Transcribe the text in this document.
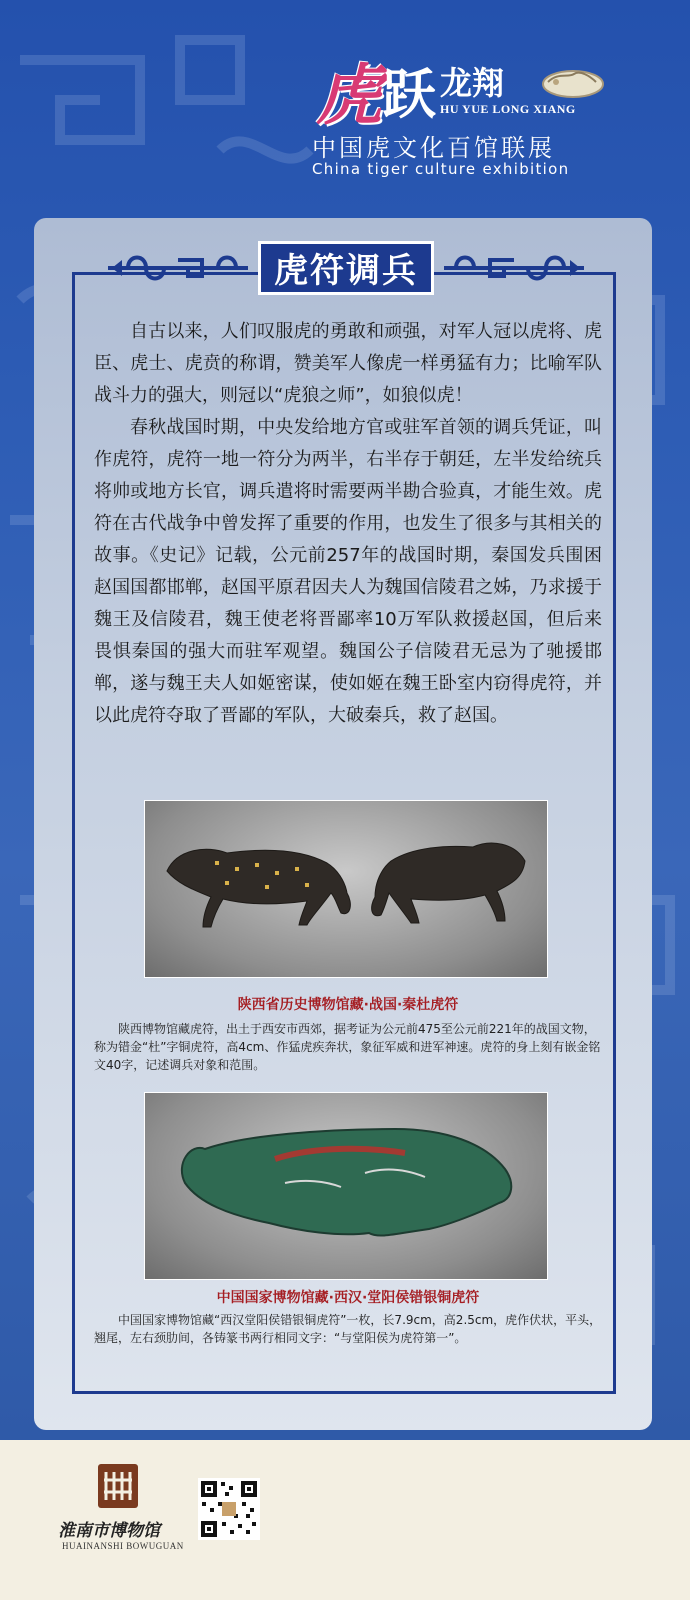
虎 跃 龙翔
HU YUE LONG XIANG
中国虎文化百馆联展
China tiger culture exhibition
虎符调兵

自古以来，人们叹服虎的勇敢和顽强，对军人冠以虎将、虎臣、虎士、虎贲的称谓，赞美军人像虎一样勇猛有力；比喻军队战斗力的强大，则冠以“虎狼之师”，如狼似虎！

春秋战国时期，中央发给地方官或驻军首领的调兵凭证，叫作虎符，虎符一地一符分为两半，右半存于朝廷，左半发给统兵将帅或地方长官，调兵遣将时需要两半勘合验真，才能生效。虎符在古代战争中曾发挥了重要的作用，也发生了很多与其相关的故事。《史记》记载，公元前257年的战国时期，秦国发兵围困赵国国都邯郸，赵国平原君因夫人为魏国信陵君之姊，乃求援于魏王及信陵君，魏王使老将晋鄙率10万军队救援赵国，但后来畏惧秦国的强大而驻军观望。魏国公子信陵君无忌为了驰援邯郸，遂与魏王夫人如姬密谋，使如姬在魏王卧室内窃得虎符，并以此虎符夺取了晋鄙的军队，大破秦兵，救了赵国。

陕西省历史博物馆藏·战国·秦杜虎符

陕西博物馆藏虎符，出土于西安市西郊，据考证为公元前475至公元前221年的战国文物，称为错金“杜”字铜虎符，高4cm、作猛虎疾奔状，象征军威和进军神速。虎符的身上刻有嵌金铭文40字，记述调兵对象和范围。

中国国家博物馆藏·西汉·堂阳侯错银铜虎符

中国国家博物馆藏“西汉堂阳侯错银铜虎符”一枚，长7.9cm，高2.5cm，虎作伏状，平头，翘尾，左右颈肋间，各铸篆书两行相同文字：“与堂阳侯为虎符第一”。

淮南市博物馆
HUAINANSHI BOWUGUAN
